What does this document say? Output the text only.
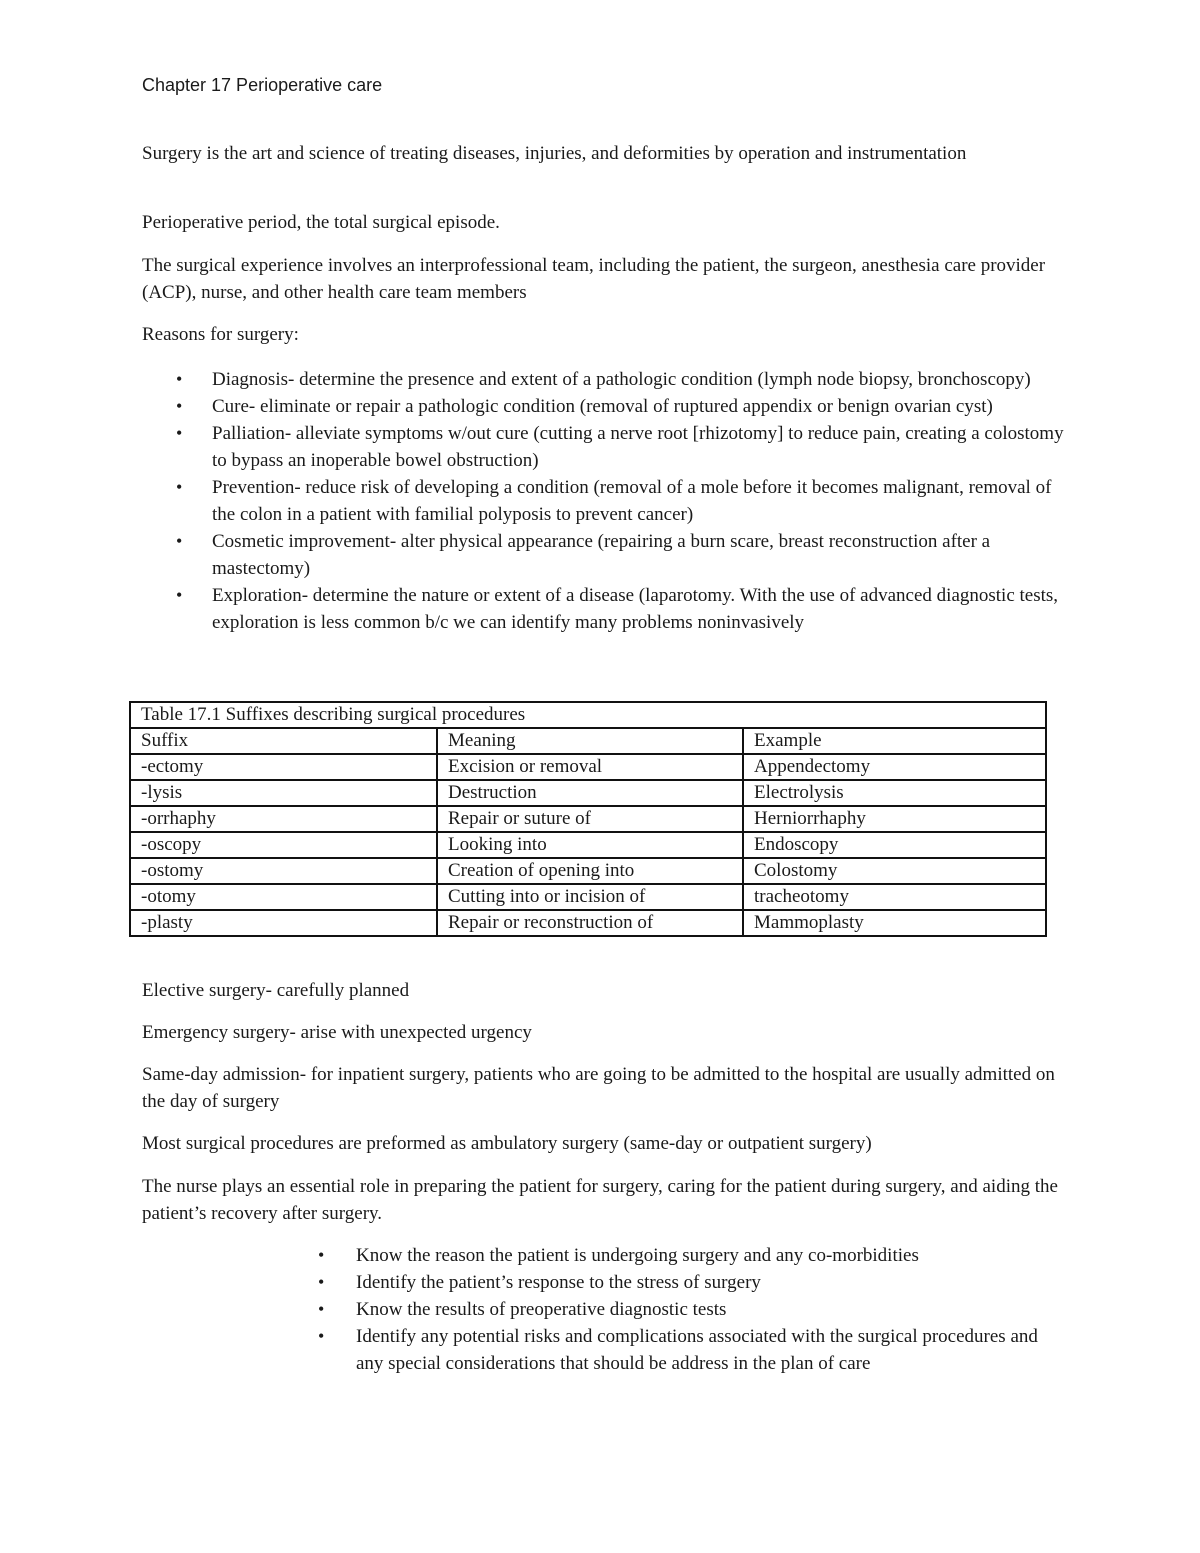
Chapter 17 Perioperative care

Surgery is the art and science of treating diseases, injuries, and deformities by operation and instrumentation

Perioperative period, the total surgical episode.

The surgical experience involves an interprofessional team, including the patient, the surgeon, anesthesia care provider (ACP), nurse, and other health care team members

Reasons for surgery:

• Diagnosis- determine the presence and extent of a pathologic condition (lymph node biopsy, bronchoscopy)
• Cure- eliminate or repair a pathologic condition (removal of ruptured appendix or benign ovarian cyst)
• Palliation- alleviate symptoms w/out cure (cutting a nerve root [rhizotomy] to reduce pain, creating a colostomy to bypass an inoperable bowel obstruction)
• Prevention- reduce risk of developing a condition (removal of a mole before it becomes malignant, removal of the colon in a patient with familial polyposis to prevent cancer)
• Cosmetic improvement- alter physical appearance (repairing a burn scare, breast reconstruction after a mastectomy)
• Exploration- determine the nature or extent of a disease (laparotomy. With the use of advanced diagnostic tests, exploration is less common b/c we can identify many problems noninvasively
Table 17.1 Suffixes describing surgical procedures		
Suffix	Meaning	Example
-ectomy	Excision or removal	Appendectomy
-lysis	Destruction	Electrolysis
-orrhaphy	Repair or suture of	Herniorrhaphy
-oscopy	Looking into	Endoscopy
-ostomy	Creation of opening into	Colostomy
-otomy	Cutting into or incision of	tracheotomy
-plasty	Repair or reconstruction of	Mammoplasty

Elective surgery- carefully planned

Emergency surgery- arise with unexpected urgency

Same-day admission- for inpatient surgery, patients who are going to be admitted to the hospital are usually admitted on the day of surgery

Most surgical procedures are preformed as ambulatory surgery (same-day or outpatient surgery)

The nurse plays an essential role in preparing the patient for surgery, caring for the patient during surgery, and aiding the patient’s recovery after surgery.

• Know the reason the patient is undergoing surgery and any co-morbidities
• Identify the patient’s response to the stress of surgery
• Know the results of preoperative diagnostic tests
• Identify any potential risks and complications associated with the surgical procedures and any special considerations that should be address in the plan of care
